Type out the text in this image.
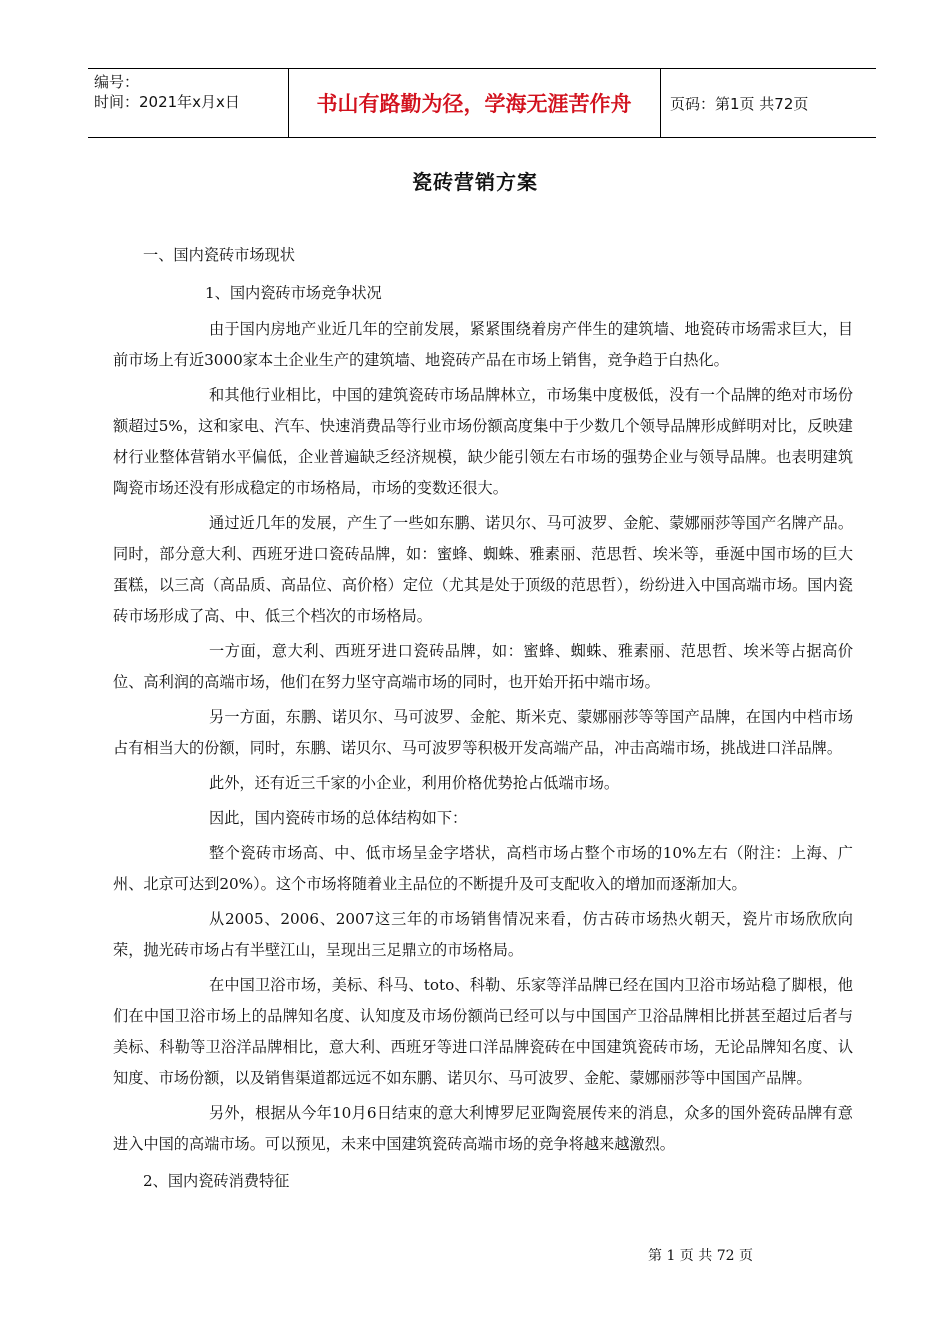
编号：
时间：2021年x月x日	书山有路勤为径，学海无涯苦作舟	页码：第1页 共72页
瓷砖营销方案
一、国内瓷砖市场现状
1、国内瓷砖市场竞争状况

由于国内房地产业近几年的空前发展，紧紧围绕着房产伴生的建筑墙、地瓷砖市场需求巨大，目前市场上有近3000家本土企业生产的建筑墙、地瓷砖产品在市场上销售，竞争趋于白热化。

和其他行业相比，中国的建筑瓷砖市场品牌林立，市场集中度极低，没有一个品牌的绝对市场份额超过5%，这和家电、汽车、快速消费品等行业市场份额高度集中于少数几个领导品牌形成鲜明对比，反映建材行业整体营销水平偏低，企业普遍缺乏经济规模，缺少能引领左右市场的强势企业与领导品牌。也表明建筑陶瓷市场还没有形成稳定的市场格局，市场的变数还很大。

通过近几年的发展，产生了一些如东鹏、诺贝尔、马可波罗、金舵、蒙娜丽莎等国产名牌产品。同时，部分意大利、西班牙进口瓷砖品牌，如：蜜蜂、蜘蛛、雅素丽、范思哲、埃米等，垂涎中国市场的巨大蛋糕，以三高（高品质、高品位、高价格）定位（尤其是处于顶级的范思哲），纷纷进入中国高端市场。国内瓷砖市场形成了高、中、低三个档次的市场格局。

一方面，意大利、西班牙进口瓷砖品牌，如：蜜蜂、蜘蛛、雅素丽、范思哲、埃米等占据高价位、高利润的高端市场，他们在努力坚守高端市场的同时，也开始开拓中端市场。

另一方面，东鹏、诺贝尔、马可波罗、金舵、斯米克、蒙娜丽莎等等国产品牌，在国内中档市场占有相当大的份额，同时，东鹏、诺贝尔、马可波罗等积极开发高端产品，冲击高端市场，挑战进口洋品牌。

此外，还有近三千家的小企业，利用价格优势抢占低端市场。

因此，国内瓷砖市场的总体结构如下：

整个瓷砖市场高、中、低市场呈金字塔状，高档市场占整个市场的10%左右（附注：上海、广州、北京可达到20%）。这个市场将随着业主品位的不断提升及可支配收入的增加而逐渐加大。

从2005、2006、2007这三年的市场销售情况来看，仿古砖市场热火朝天，瓷片市场欣欣向荣，抛光砖市场占有半壁江山，呈现出三足鼎立的市场格局。

在中国卫浴市场，美标、科马、toto、科勒、乐家等洋品牌已经在国内卫浴市场站稳了脚根，他们在中国卫浴市场上的品牌知名度、认知度及市场份额尚已经可以与中国国产卫浴品牌相比拼甚至超过后者与美标、科勒等卫浴洋品牌相比，意大利、西班牙等进口洋品牌瓷砖在中国建筑瓷砖市场，无论品牌知名度、认知度、市场份额，以及销售渠道都远远不如东鹏、诺贝尔、马可波罗、金舵、蒙娜丽莎等中国国产品牌。

另外，根据从今年10月6日结束的意大利博罗尼亚陶瓷展传来的消息，众多的国外瓷砖品牌有意进入中国的高端市场。可以预见，未来中国建筑瓷砖高端市场的竞争将越来越激烈。

2、国内瓷砖消费特征
第 1 页 共 72 页
